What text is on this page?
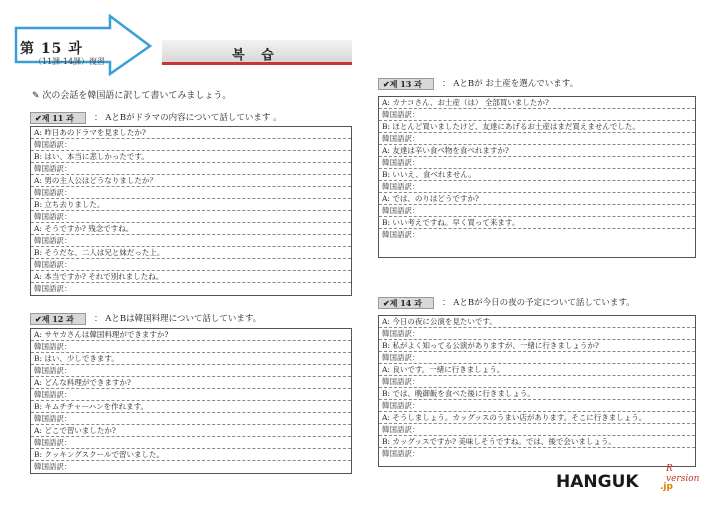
第 15 과
（11課-14課）復習	복 습
✎ 次の会話を韓国語に訳して書いてみましょう。
✔제 11 과	： AとBがドラマの内容について話しています 。
A: 昨日あのドラマを見ましたか?
韓国語訳：
B: はい、本当に悲しかったです。
韓国語訳：
A: 男の主人公はどうなりましたか？
韓国語訳：
B: 立ち去りました。
韓国語訳：
A: そうですか? 残念ですね。
韓国語訳：
B: そうだな、二人は兄と妹だった上。
韓国語訳：
A: 本当ですか? それで別れましたね。
韓国語訳：
✔제 12 과	： AとBは韓国料理について話しています。
A: サヤカさんは韓国料理ができますか?
韓国語訳：
B: はい、少しできます。
韓国語訳：
A: どんな料理ができますか?
韓国語訳：
B: キムチチャーハンを作れます。
韓国語訳：
A: どこで習いましたか?
韓国語訳：
B: クッキングスクールで習いました。
韓国語訳：
✔제 13 과	： AとBが お土産を選んでいます。
A: カナコさん、お土産（は） 全部買いましたか?
韓国語訳：
B: ほとんど買いましたけど、友達にあげるお土産はまだ買えませんでした。
韓国語訳：
A: 友達は辛い食べ物を食べれますか?
韓国語訳：
B: いいえ、食べれません。
韓国語訳：
A: では、のりはどうですか?
韓国語訳：
B: いい考えですね。早く買って来ます。
韓国語訳：
✔제 14 과	： AとBが今日の夜の予定について話しています。
A: 今日の夜に公演を見たいです。
韓国語訳：
B: 私がよく知ってる公演がありますが、一緒に行きましょうか?
韓国語訳：
A: 良いです。一緒に行きましょう。
韓国語訳：
B: では、晩御飯を食べた後に行きましょう。
韓国語訳：
A: そうしましょう。カッグッスのうまい店があります。そこに行きましょう。
韓国語訳：
B: カッグッスですか? 美味しそうですね。では、後で会いましょう。
韓国語訳：
HANGUK .jp
R version
